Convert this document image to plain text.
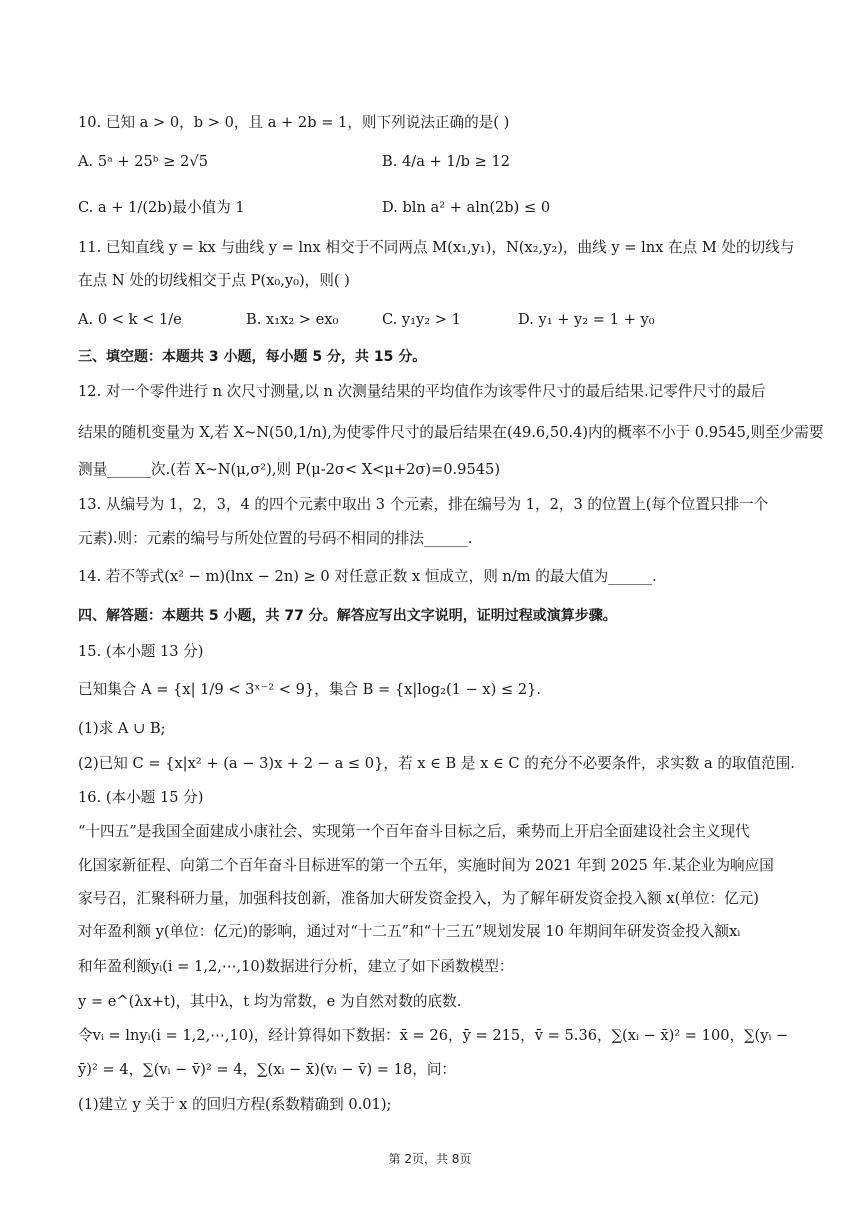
10. 已知 a > 0，b > 0，且 a + 2b = 1，则下列说法正确的是( )
A. 5ᵃ + 25ᵇ ≥ 2√5	B. 4/a + 1/b ≥ 12
C. a + 1/(2b)最小值为 1	D. bln a² + aln(2b) ≤ 0
11. 已知直线 y = kx 与曲线 y = lnx 相交于不同两点 M(x₁,y₁)，N(x₂,y₂)，曲线 y = lnx 在点 M 处的切线与
在点 N 处的切线相交于点 P(x₀,y₀)，则( )
A. 0 < k < 1/e	B. x₁x₂ > ex₀	C. y₁y₂ > 1	D. y₁ + y₂ = 1 + y₀
三、填空题：本题共 3 小题，每小题 5 分，共 15 分。
12. 对一个零件进行 n 次尺寸测量,以 n 次测量结果的平均值作为该零件尺寸的最后结果.记零件尺寸的最后
结果的随机变量为 X,若 X~N(50,1/n),为使零件尺寸的最后结果在(49.6,50.4)内的概率不小于 0.9545,则至少需要
测量______次.(若 X~N(μ,σ²),则 P(μ-2σ< X<μ+2σ)=0.9545)
13. 从编号为 1，2，3，4 的四个元素中取出 3 个元素，排在编号为 1，2，3 的位置上(每个位置只排一个
元素).则：元素的编号与所处位置的号码不相同的排法______.
14. 若不等式(x² − m)(lnx − 2n) ≥ 0 对任意正数 x 恒成立，则 n/m 的最大值为______.
四、解答题：本题共 5 小题，共 77 分。解答应写出文字说明，证明过程或演算步骤。
15. (本小题 13 分)
已知集合 A = {x| 1/9 < 3ˣ⁻² < 9}，集合 B = {x|log₂(1 − x) ≤ 2}.
(1)求 A ∪ B;
(2)已知 C = {x|x² + (a − 3)x + 2 − a ≤ 0}，若 x ∈ B 是 x ∈ C 的充分不必要条件，求实数 a 的取值范围.
16. (本小题 15 分)
“十四五”是我国全面建成小康社会、实现第一个百年奋斗目标之后，乘势而上开启全面建设社会主义现代
化国家新征程、向第二个百年奋斗目标进军的第一个五年，实施时间为 2021 年到 2025 年.某企业为响应国
家号召，汇聚科研力量，加强科技创新，准备加大研发资金投入，为了解年研发资金投入额 x(单位：亿元)
对年盈利额 y(单位：亿元)的影响，通过对“十二五”和“十三五”规划发展 10 年期间年研发资金投入额xᵢ
和年盈利额yᵢ(i = 1,2,⋯,10)数据进行分析，建立了如下函数模型：
y = e^(λx+t)，其中λ，t 均为常数，e 为自然对数的底数.
令vᵢ = lnyᵢ(i = 1,2,⋯,10)，经计算得如下数据：x̄ = 26，ȳ = 215，v̄ = 5.36，∑(xᵢ − x̄)² = 100，∑(yᵢ −
ȳ)² = 4，∑(vᵢ − v̄)² = 4，∑(xᵢ − x̄)(vᵢ − v̄) = 18，问：
(1)建立 y 关于 x 的回归方程(系数精确到 0.01);
第 2页，共 8页
